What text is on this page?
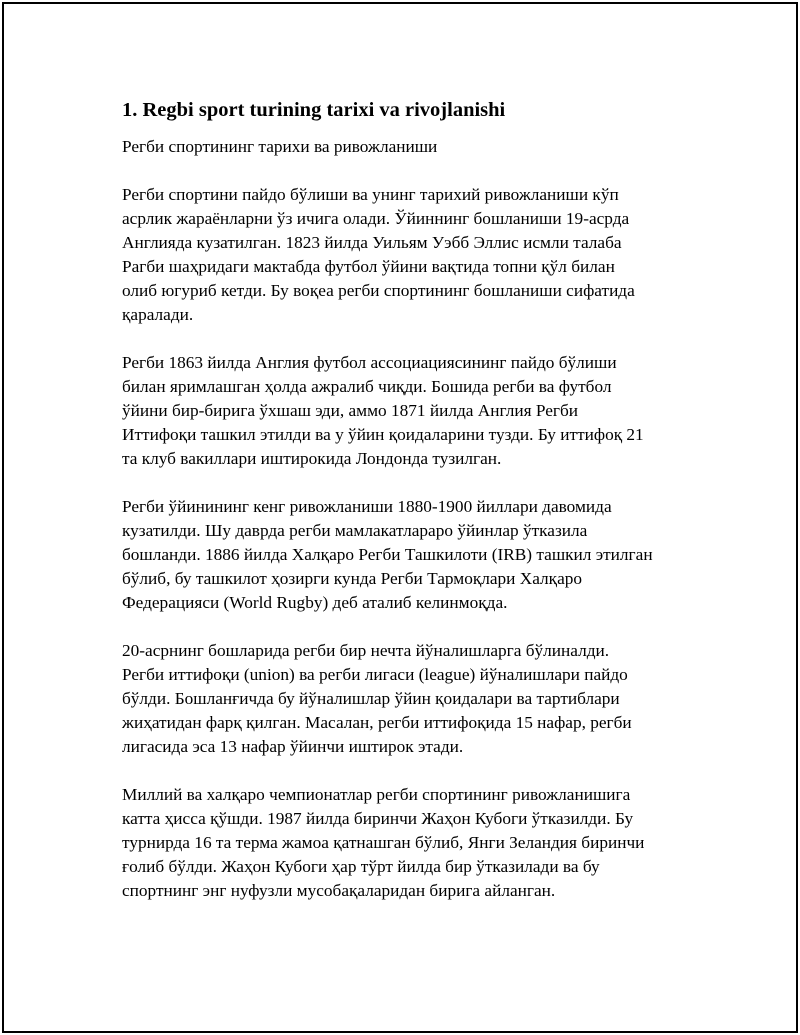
1. Regbi sport turining tarixi va rivojlanishi
Регби спортининг тарихи ва ривожланиши
Регби спортини пайдо бўлиши ва унинг тарихий ривожланиши кўп
асрлик жараёнларни ўз ичига олади. Ўйиннинг бошланиши 19-асрда
Англияда кузатилган. 1823 йилда Уильям Уэбб Эллис исмли талаба
Рагби шаҳридаги мактабда футбол ўйини вақтида топни қўл билан
олиб югуриб кетди. Бу воқеа регби спортининг бошланиши сифатида
қаралади.
Регби 1863 йилда Англия футбол ассоциациясининг пайдо бўлиши
билан яримлашган ҳолда ажралиб чиқди. Бошида регби ва футбол
ўйини бир-бирига ўхшаш эди, аммо 1871 йилда Англия Регби
Иттифоқи ташкил этилди ва у ўйин қоидаларини тузди. Бу иттифоқ 21
та клуб вакиллари иштирокида Лондонда тузилган.
Регби ўйинининг кенг ривожланиши 1880-1900 йиллари давомида
кузатилди. Шу даврда регби мамлакатлараро ўйинлар ўтказила
бошланди. 1886 йилда Халқаро Регби Ташкилоти (IRB) ташкил этилган
бўлиб, бу ташкилот ҳозирги кунда Регби Тармоқлари Халқаро
Федерацияси (World Rugby) деб аталиб келинмоқда.
20-асрнинг бошларида регби бир нечта йўналишларга бўлиналди.
Регби иттифоқи (union) ва регби лигаси (league) йўналишлари пайдо
бўлди. Бошланғичда бу йўналишлар ўйин қоидалари ва тартиблари
жиҳатидан фарқ қилган. Масалан, регби иттифоқида 15 нафар, регби
лигасида эса 13 нафар ўйинчи иштирок этади.
Миллий ва халқаро чемпионатлар регби спортининг ривожланишига
катта ҳисса қўшди. 1987 йилда биринчи Жаҳон Кубоги ўтказилди. Бу
турнирда 16 та терма жамоа қатнашган бўлиб, Янги Зеландия биринчи
ғолиб бўлди. Жаҳон Кубоги ҳар тўрт йилда бир ўтказилади ва бу
спортнинг энг нуфузли мусобақаларидан бирига айланган.
